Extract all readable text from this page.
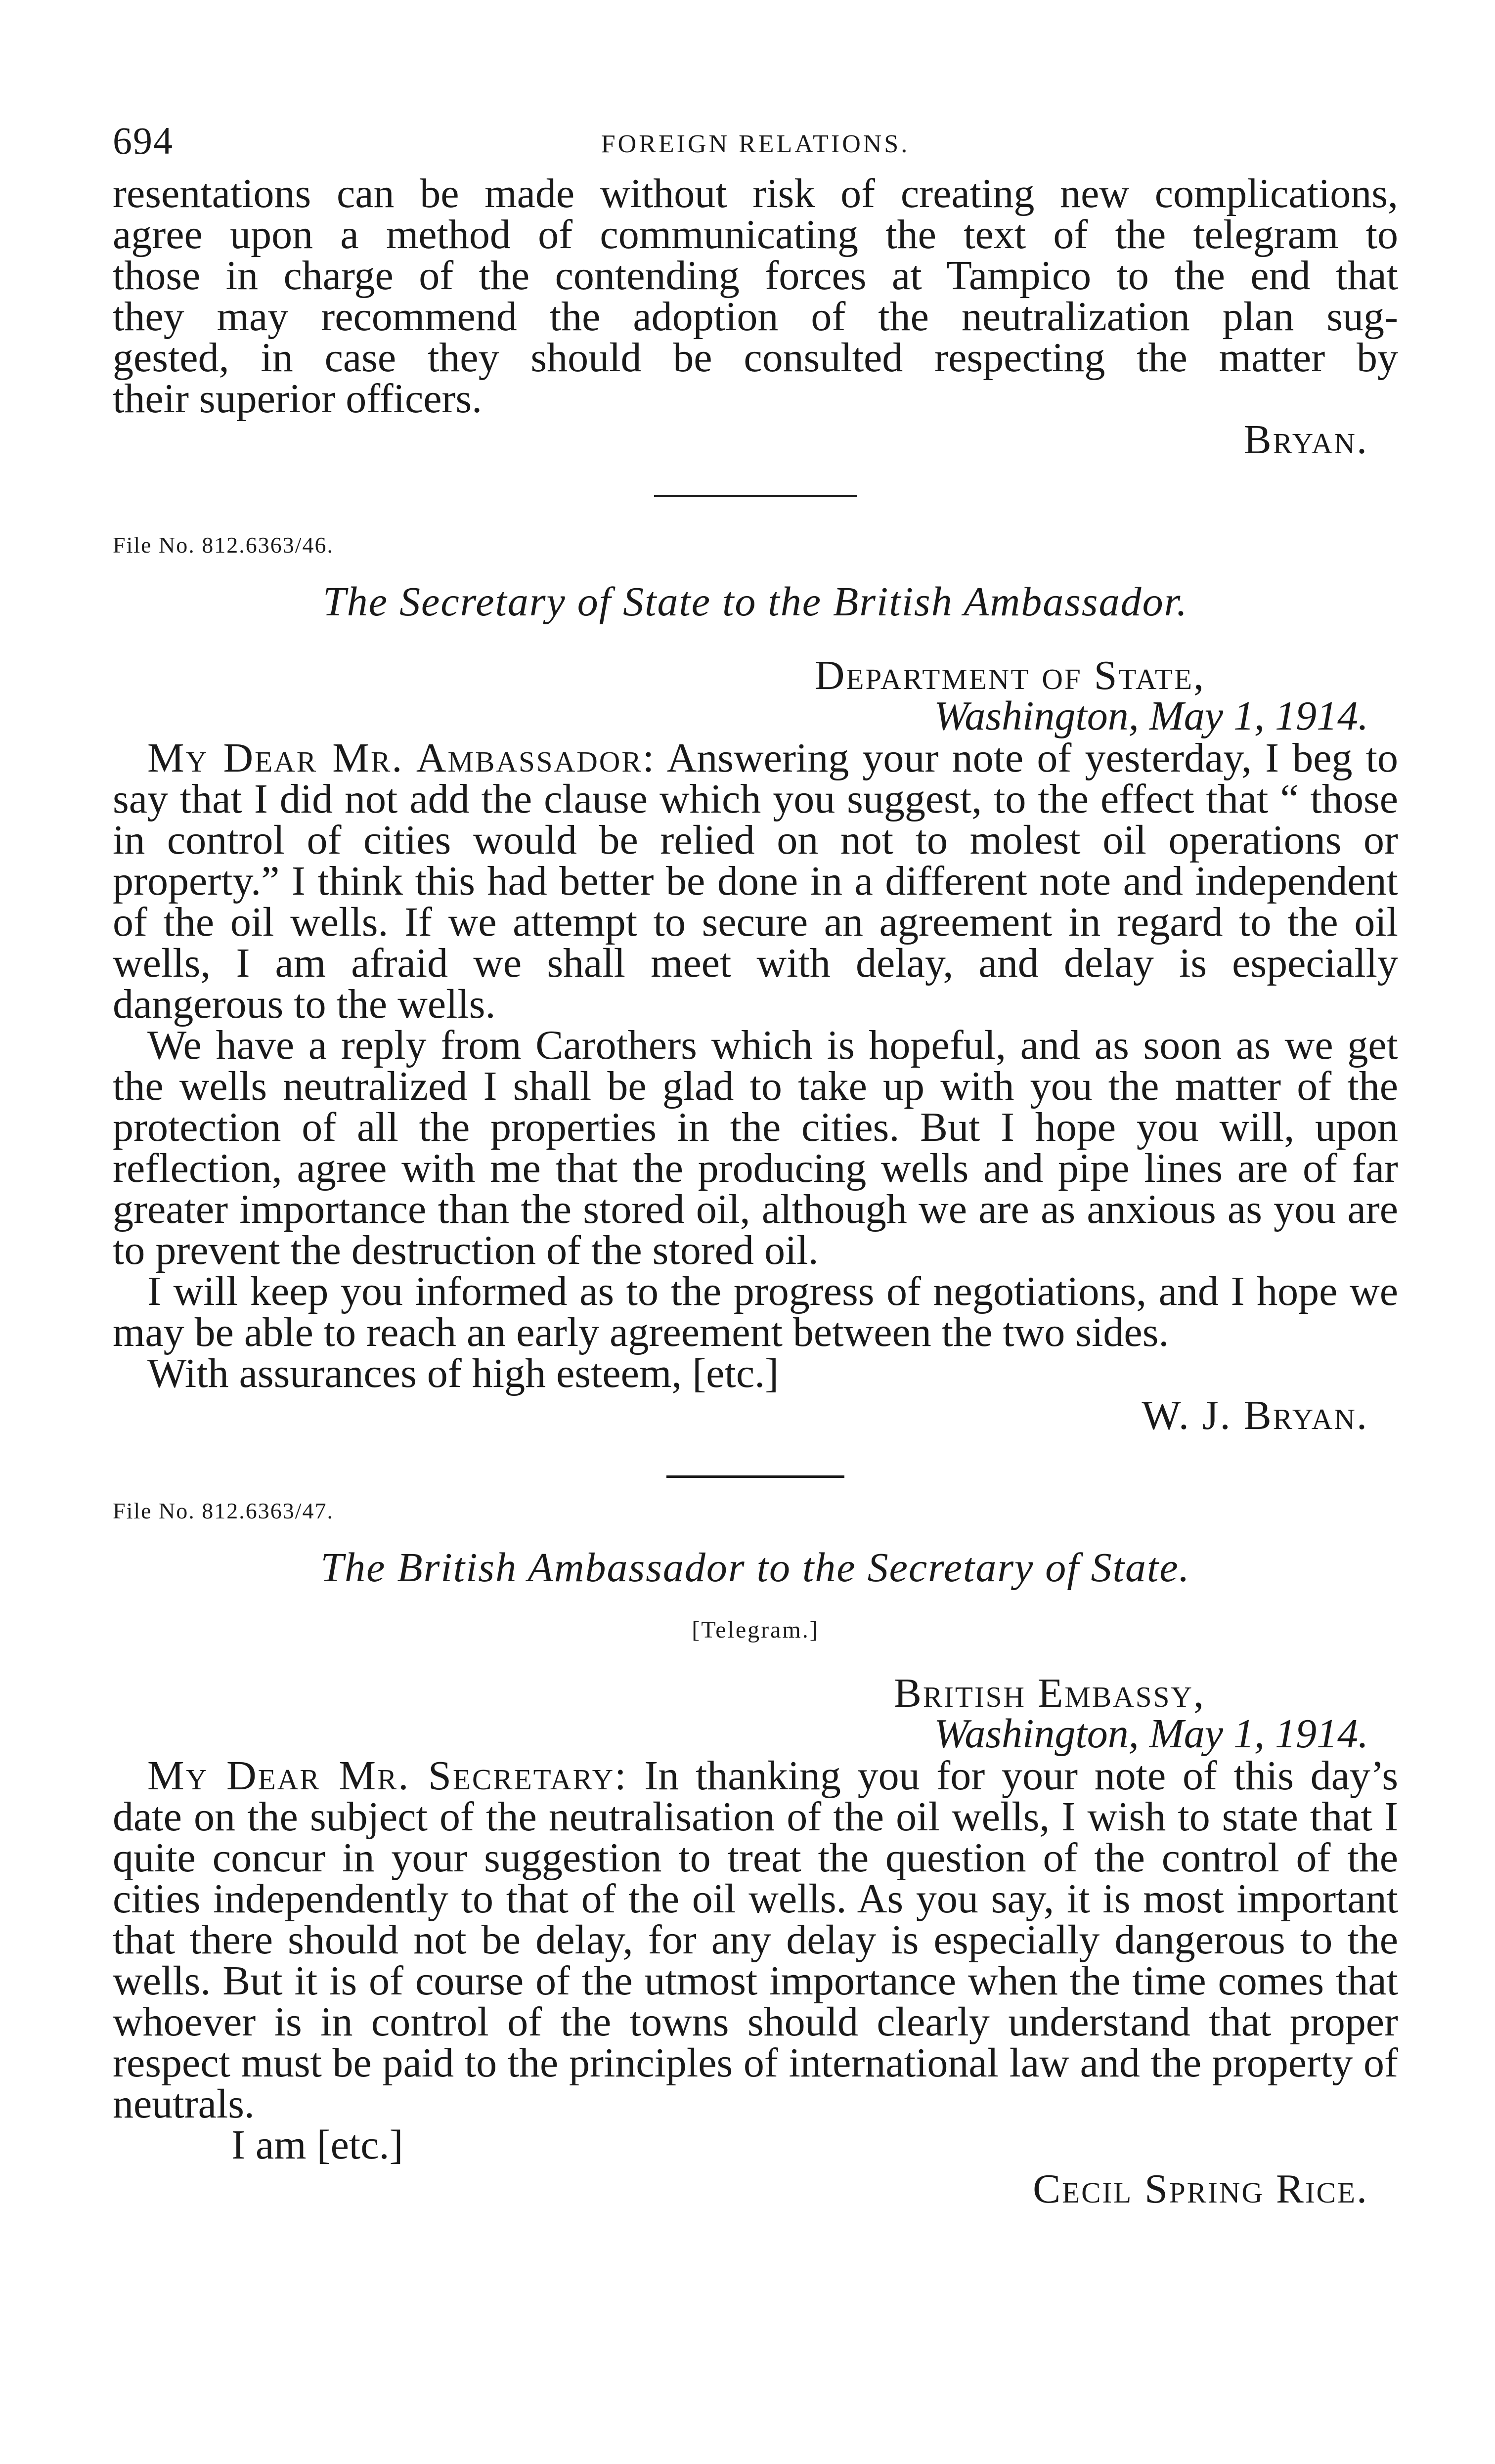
694	FOREIGN RELATIONS.
resentations can be made without risk of creating new complications,
agree upon a method of communicating the text of the telegram to
those in charge of the contending forces at Tampico to the end that
they may recommend the adoption of the neutralization plan sug-
gested, in case they should be consulted respecting the matter by
their superior officers.
Bryan.

File No. 812.6363/46.

The Secretary of State to the British Ambassador.

Department of State,
Washington, May 1, 1914.

My Dear Mr. Ambassador: Answering your note of yesterday, I beg to say that I did not add the clause which you suggest, to the effect that “ those in control of cities would be relied on not to molest oil operations or property.” I think this had better be done in a different note and independent of the oil wells. If we attempt to secure an agreement in regard to the oil wells, I am afraid we shall meet with delay, and delay is especially dangerous to the wells.

We have a reply from Carothers which is hopeful, and as soon as we get the wells neutralized I shall be glad to take up with you the matter of the protection of all the properties in the cities. But I hope you will, upon reflection, agree with me that the producing wells and pipe lines are of far greater importance than the stored oil, although we are as anxious as you are to prevent the destruction of the stored oil.

I will keep you informed as to the progress of negotiations, and I hope we may be able to reach an early agreement between the two sides.

With assurances of high esteem, [etc.]

W. J. Bryan.

File No. 812.6363/47.

The British Ambassador to the Secretary of State.

[Telegram.]

British Embassy,
Washington, May 1, 1914.

My Dear Mr. Secretary: In thanking you for your note of this day’s date on the subject of the neutralisation of the oil wells, I wish to state that I quite concur in your suggestion to treat the question of the control of the cities independently to that of the oil wells. As you say, it is most important that there should not be delay, for any delay is especially dangerous to the wells. But it is of course of the utmost importance when the time comes that whoever is in control of the towns should clearly understand that proper respect must be paid to the principles of international law and the property of neutrals.

I am [etc.]

Cecil Spring Rice.
